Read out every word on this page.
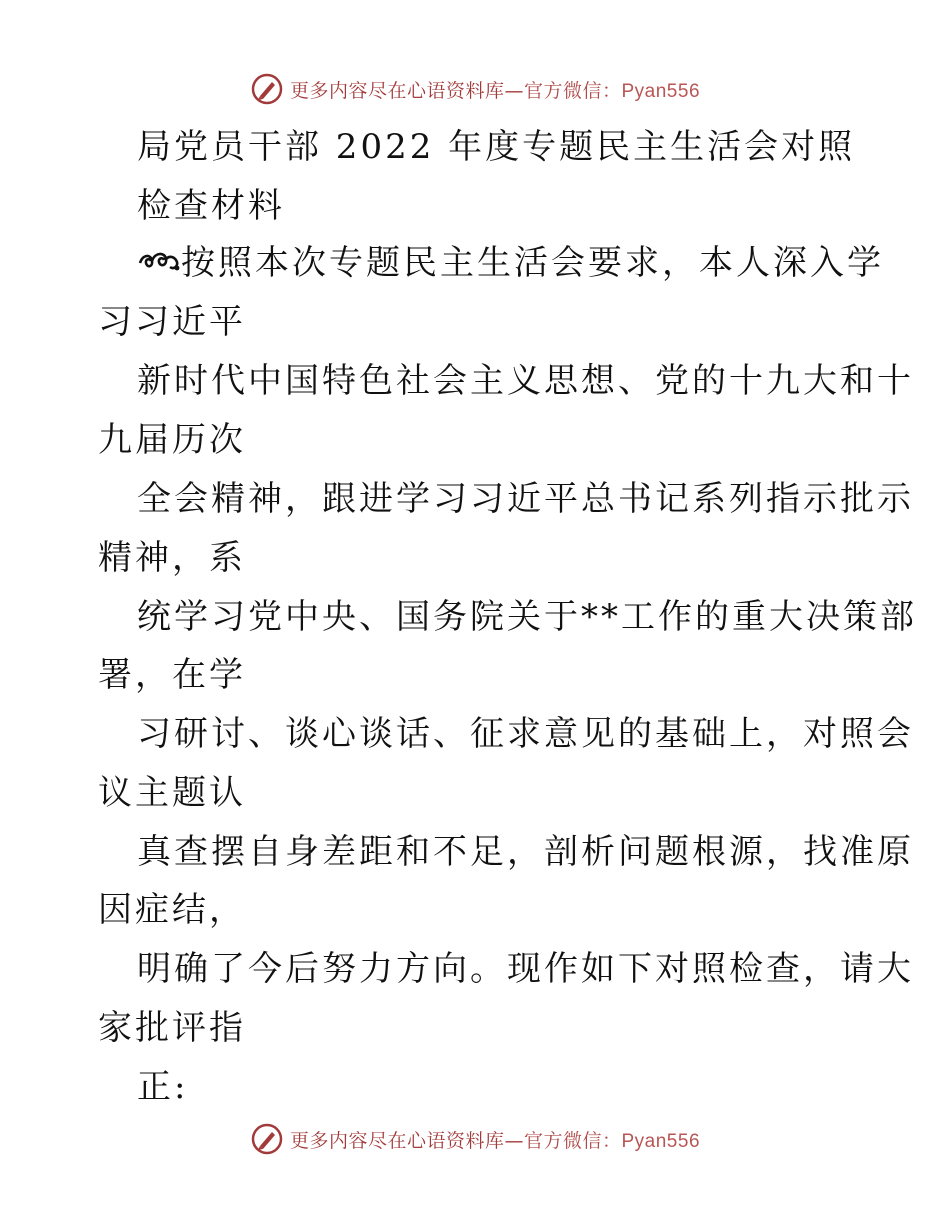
更多内容尽在心语资料库—官方微信：Pyan556
局党员干部 2022 年度专题民主生活会对照
检查材料
按照本次专题民主生活会要求，本人深入学
习习近平
新时代中国特色社会主义思想、党的十九大和十
九届历次
全会精神，跟进学习习近平总书记系列指示批示
精神，系
统学习党中央、国务院关于**工作的重大决策部
署，在学
习研讨、谈心谈话、征求意见的基础上，对照会
议主题认
真查摆自身差距和不足，剖析问题根源，找准原
因症结，
明确了今后努力方向。现作如下对照检查，请大
家批评指
正:
更多内容尽在心语资料库—官方微信：Pyan556
